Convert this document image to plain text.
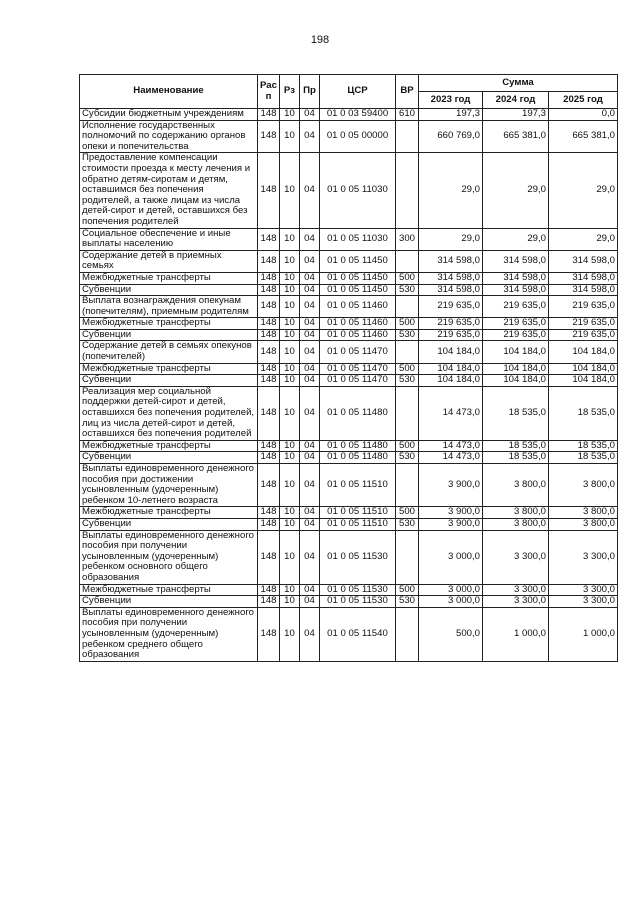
198
Наименование	Рас п	Рз	Пр	ЦСР	ВР	Сумма		
						2023 год	2024 год	2025 год
Субсидии бюджетным учреждениям	148	10	04	01 0 03 59400	610	197,3	197,3	0,0
Исполнение государственных полномочий по содержанию органов опеки и попечительства	148	10	04	01 0 05 00000		660 769,0	665 381,0	665 381,0
Предоставление компенсации стоимости проезда к месту лечения и обратно детям-сиротам и детям, оставшимся без попечения родителей, а также лицам из числа детей-сирот и детей, оставшихся без попечения родителей	148	10	04	01 0 05 11030		29,0	29,0	29,0
Социальное обеспечение и иные выплаты населению	148	10	04	01 0 05 11030	300	29,0	29,0	29,0
Содержание детей в приемных семьях	148	10	04	01 0 05 11450		314 598,0	314 598,0	314 598,0
Межбюджетные трансферты	148	10	04	01 0 05 11450	500	314 598,0	314 598,0	314 598,0
Субвенции	148	10	04	01 0 05 11450	530	314 598,0	314 598,0	314 598,0
Выплата вознаграждения опекунам (попечителям), приемным родителям	148	10	04	01 0 05 11460		219 635,0	219 635,0	219 635,0
Межбюджетные трансферты	148	10	04	01 0 05 11460	500	219 635,0	219 635,0	219 635,0
Субвенции	148	10	04	01 0 05 11460	530	219 635,0	219 635,0	219 635,0
Содержание детей в семьях опекунов (попечителей)	148	10	04	01 0 05 11470		104 184,0	104 184,0	104 184,0
Межбюджетные трансферты	148	10	04	01 0 05 11470	500	104 184,0	104 184,0	104 184,0
Субвенции	148	10	04	01 0 05 11470	530	104 184,0	104 184,0	104 184,0
Реализация мер социальной поддержки детей-сирот и детей, оставшихся без попечения родителей, лиц из числа детей-сирот и детей, оставшихся без попечения родителей	148	10	04	01 0 05 11480		14 473,0	18 535,0	18 535,0
Межбюджетные трансферты	148	10	04	01 0 05 11480	500	14 473,0	18 535,0	18 535,0
Субвенции	148	10	04	01 0 05 11480	530	14 473,0	18 535,0	18 535,0
Выплаты единовременного денежного пособия при достижении усыновленным (удочеренным) ребенком 10-летнего возраста	148	10	04	01 0 05 11510		3 900,0	3 800,0	3 800,0
Межбюджетные трансферты	148	10	04	01 0 05 11510	500	3 900,0	3 800,0	3 800,0
Субвенции	148	10	04	01 0 05 11510	530	3 900,0	3 800,0	3 800,0
Выплаты единовременного денежного пособия при получении усыновленным (удочеренным) ребенком основного общего образования	148	10	04	01 0 05 11530		3 000,0	3 300,0	3 300,0
Межбюджетные трансферты	148	10	04	01 0 05 11530	500	3 000,0	3 300,0	3 300,0
Субвенции	148	10	04	01 0 05 11530	530	3 000,0	3 300,0	3 300,0
Выплаты единовременного денежного пособия при получении усыновленным (удочеренным) ребенком среднего общего образования	148	10	04	01 0 05 11540		500,0	1 000,0	1 000,0
